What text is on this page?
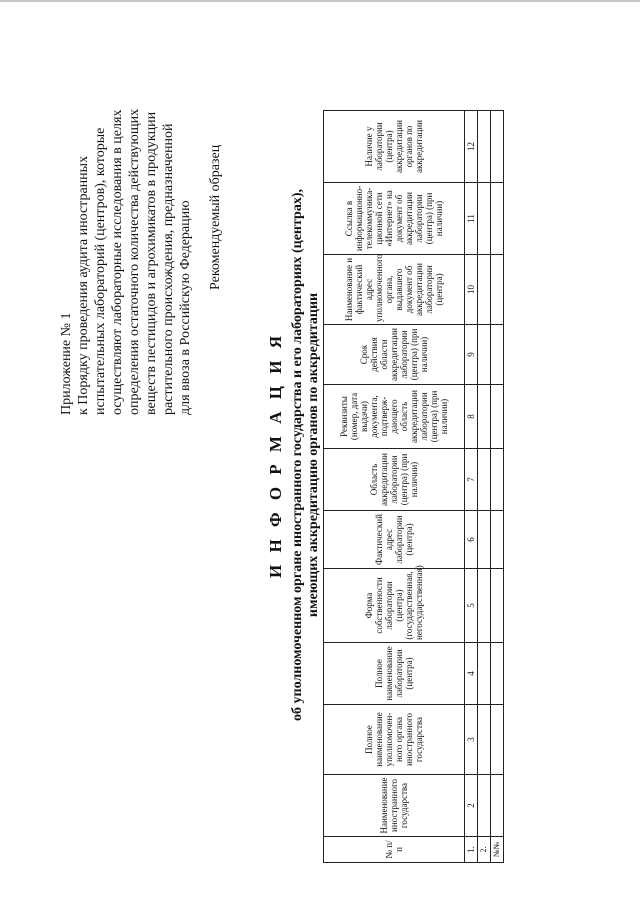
Приложение № 1 к Порядку проведения аудита иностранных испытательных лабораторий (центров), которые осуществляют лабораторные исследования в целях определения остаточного количества действующих веществ пестицидов и агрохимикатов в продукции растительного происхождения, предназначенной для ввоза в Российскую Федерацию Рекомендуемый образец
И Н Ф О Р М А Ц И Я об уполномоченном органе иностранного государства и его лабораториях (центрах), имеющих аккредитацию органов по аккредитации
№ п/п	Наименование иностранного государства	Полное наименование уполномочен-ного органа иностранного государства	Полное наименование лаборатории (центра)	Форма собственности лаборатории (центра) (государственная, негосударственная)	Фактический адрес лаборатории (центра)	Область аккредитации лаборатории (центра) (при наличии)	Реквизиты (номер, дата выдачи) документа, подтверж-дающего область аккредитации лаборатории (центра) (при наличии)	Срок действия области аккредитации лаборатории (центра) (при наличии)	Наименование и фактический адрес уполномоченного органа, выдавшего документ об аккредитации лаборатории (центра)	Ссылка в информационно-телекоммуника-ционной сети «Интернет» на документ об аккредитации лаборатории (центра) (при наличии)	Наличие у лаборатории (центра) аккредитации органов по аккредитации
1.	2	3	4	5	6	7	8	9	10	11	12
2.											
№№											
